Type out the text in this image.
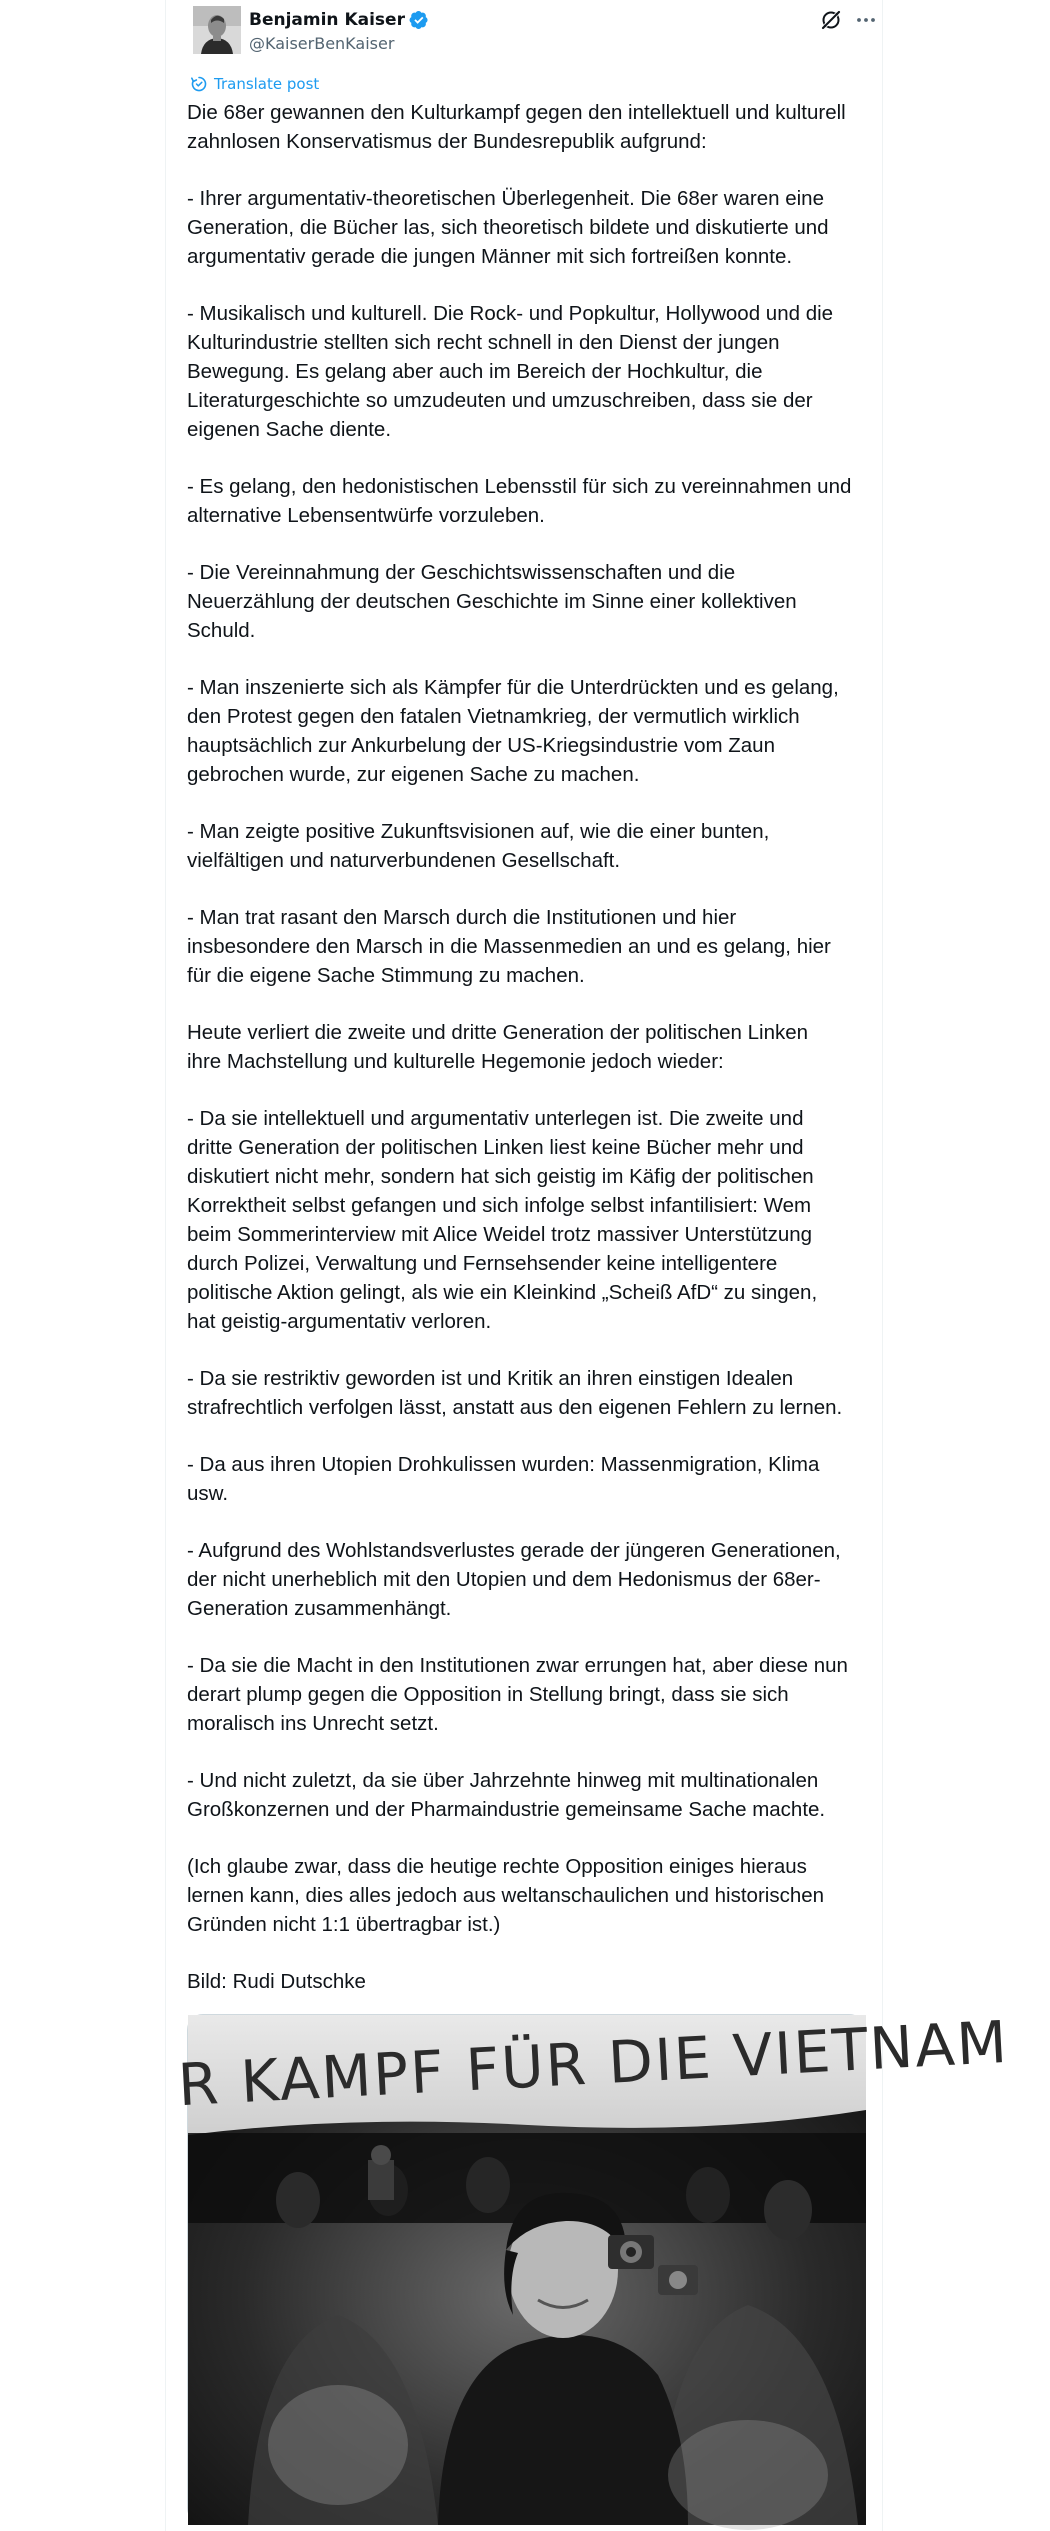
Benjamin Kaiser
@KaiserBenKaiser
Translate post

Die 68er gewannen den Kulturkampf gegen den intellektuell und kulturell
zahnlosen Konservatismus der Bundesrepublik aufgrund:

- Ihrer argumentativ-theoretischen Überlegenheit. Die 68er waren eine
Generation, die Bücher las, sich theoretisch bildete und diskutierte und
argumentativ gerade die jungen Männer mit sich fortreißen konnte.

- Musikalisch und kulturell. Die Rock- und Popkultur, Hollywood und die
Kulturindustrie stellten sich recht schnell in den Dienst der jungen
Bewegung. Es gelang aber auch im Bereich der Hochkultur, die
Literaturgeschichte so umzudeuten und umzuschreiben, dass sie der
eigenen Sache diente.

- Es gelang, den hedonistischen Lebensstil für sich zu vereinnahmen und
alternative Lebensentwürfe vorzuleben.

- Die Vereinnahmung der Geschichtswissenschaften und die
Neuerzählung der deutschen Geschichte im Sinne einer kollektiven
Schuld.

- Man inszenierte sich als Kämpfer für die Unterdrückten und es gelang,
den Protest gegen den fatalen Vietnamkrieg, der vermutlich wirklich
hauptsächlich zur Ankurbelung der US-Kriegsindustrie vom Zaun
gebrochen wurde, zur eigenen Sache zu machen.

- Man zeigte positive Zukunftsvisionen auf, wie die einer bunten,
vielfältigen und naturverbundenen Gesellschaft.

- Man trat rasant den Marsch durch die Institutionen und hier
insbesondere den Marsch in die Massenmedien an und es gelang, hier
für die eigene Sache Stimmung zu machen.

Heute verliert die zweite und dritte Generation der politischen Linken
ihre Machstellung und kulturelle Hegemonie jedoch wieder:

- Da sie intellektuell und argumentativ unterlegen ist. Die zweite und
dritte Generation der politischen Linken liest keine Bücher mehr und
diskutiert nicht mehr, sondern hat sich geistig im Käfig der politischen
Korrektheit selbst gefangen und sich infolge selbst infantilisiert: Wem
beim Sommerinterview mit Alice Weidel trotz massiver Unterstützung
durch Polizei, Verwaltung und Fernsehsender keine intelligentere
politische Aktion gelingt, als wie ein Kleinkind „Scheiß AfD“ zu singen,
hat geistig-argumentativ verloren.

- Da sie restriktiv geworden ist und Kritik an ihren einstigen Idealen
strafrechtlich verfolgen lässt, anstatt aus den eigenen Fehlern zu lernen.

- Da aus ihren Utopien Drohkulissen wurden: Massenmigration, Klima
usw.

- Aufgrund des Wohlstandsverlustes gerade der jüngeren Generationen,
der nicht unerheblich mit den Utopien und dem Hedonismus der 68er-
Generation zusammenhängt.

- Da sie die Macht in den Institutionen zwar errungen hat, aber diese nun
derart plump gegen die Opposition in Stellung bringt, dass sie sich
moralisch ins Unrecht setzt.

- Und nicht zuletzt, da sie über Jahrzehnte hinweg mit multinationalen
Großkonzernen und der Pharmaindustrie gemeinsame Sache machte.

(Ich glaube zwar, dass die heutige rechte Opposition einiges hieraus
lernen kann, dies alles jedoch aus weltanschaulichen und historischen
Gründen nicht 1:1 übertragbar ist.)

Bild: Rudi Dutschke

R KAMPF FÜR DIE VIETNAM
